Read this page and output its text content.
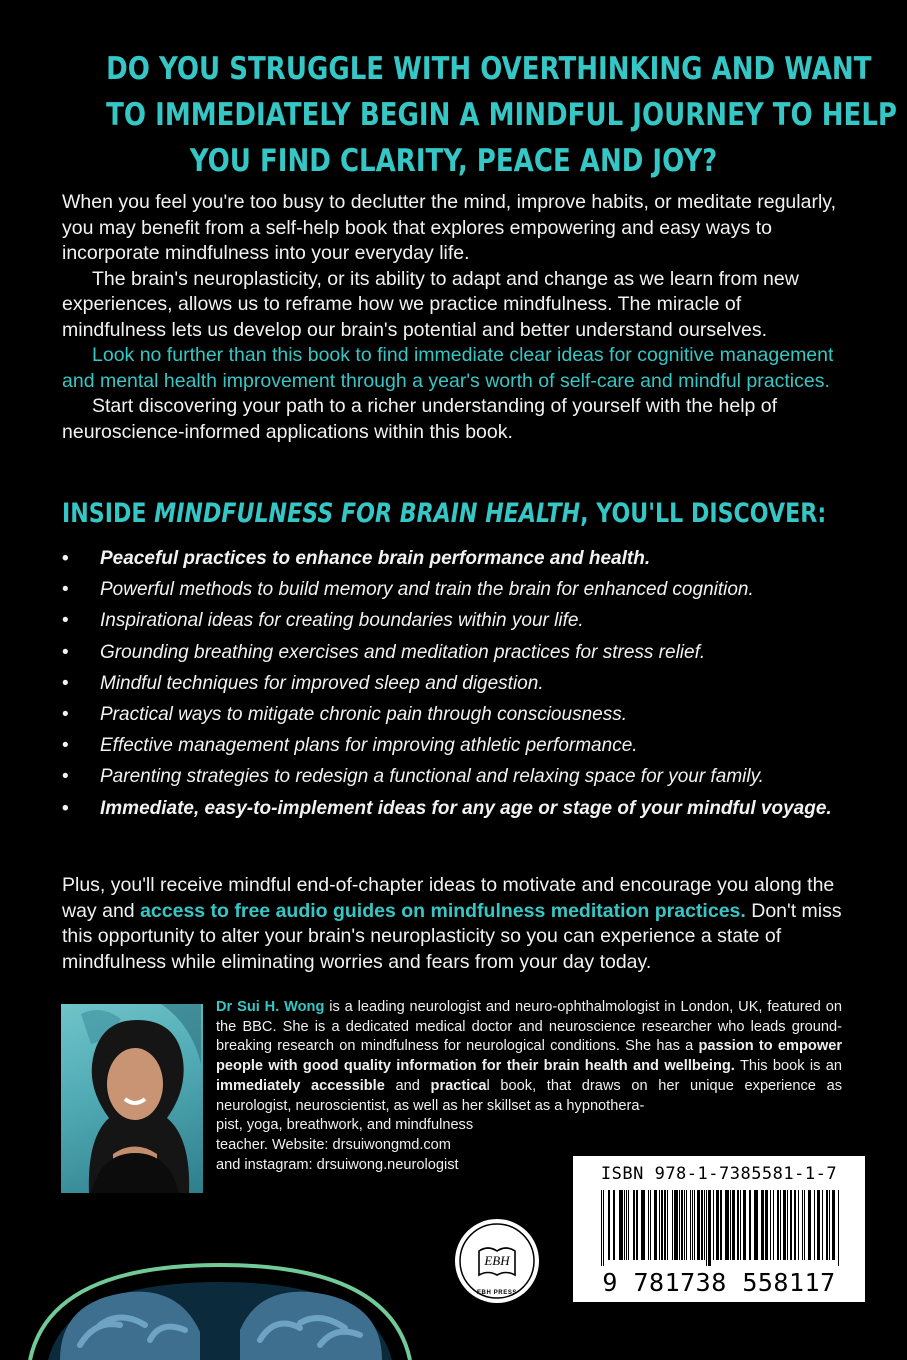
DO YOU STRUGGLE WITH OVERTHINKING AND WANT
TO IMMEDIATELY BEGIN A MINDFUL JOURNEY TO HELP
YOU FIND CLARITY, PEACE AND JOY?

When you feel you're too busy to declutter the mind, improve habits, or meditate regularly, you may benefit from a self-help book that explores empowering and easy ways to incorporate mindfulness into your everyday life.

The brain's neuroplasticity, or its ability to adapt and change as we learn from new experiences, allows us to reframe how we practice mindfulness. The miracle of mindfulness lets us develop our brain's potential and better understand ourselves.

Look no further than this book to find immediate clear ideas for cognitive management and mental health improvement through a year's worth of self-care and mindful practices.

Start discovering your path to a richer understanding of yourself with the help of neuroscience-informed applications within this book.

INSIDE MINDFULNESS FOR BRAIN HEALTH, YOU'LL DISCOVER:
• Peaceful practices to enhance brain performance and health.
• Powerful methods to build memory and train the brain for enhanced cognition.
• Inspirational ideas for creating boundaries within your life.
• Grounding breathing exercises and meditation practices for stress relief.
• Mindful techniques for improved sleep and digestion.
• Practical ways to mitigate chronic pain through consciousness.
• Effective management plans for improving athletic performance.
• Parenting strategies to redesign a functional and relaxing space for your family.
• Immediate, easy-to-implement ideas for any age or stage of your mindful voyage.

Plus, you'll receive mindful end-of-chapter ideas to motivate and encourage you along the way and access to free audio guides on mindfulness meditation practices. Don't miss this opportunity to alter your brain's neuroplasticity so you can experience a state of mindfulness while eliminating worries and fears from your day today.

Dr Sui H. Wong is a leading neurologist and neuro-ophthalmologist in London, UK, featured on the BBC. She is a dedicated medical doctor and neuroscience researcher who leads ground-breaking research on mindfulness for neurological conditions. She has a passion to empower people with good quality information for their brain health and wellbeing. This book is an immediately accessible and practical book, that draws on her unique experience as neurologist, neuroscientist, as well as her skillset as a hypnothera-
pist, yoga, breathwork, and mindfulness
teacher. Website: drsuiwongmd.com
and instagram: drsuiwong.neurologist
EBH
EBH PRESS
ISBN 978-1-7385581-1-7
9 781738 558117
